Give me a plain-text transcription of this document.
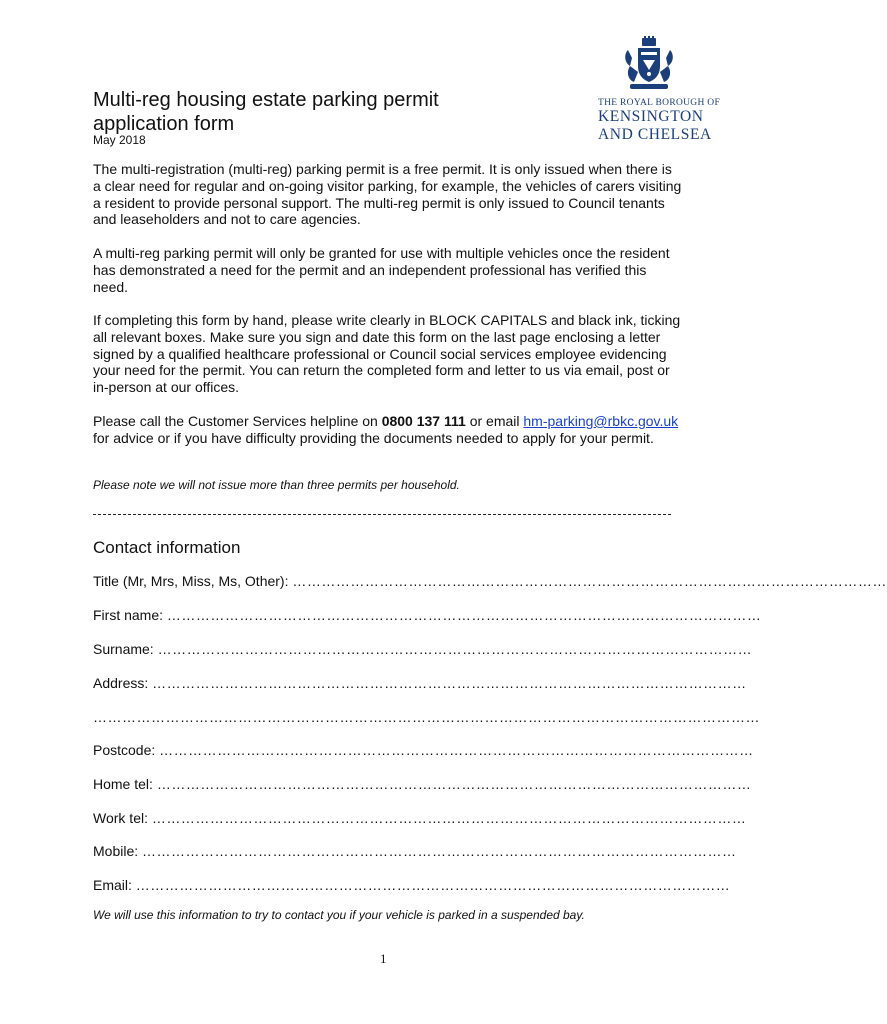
THE ROYAL BOROUGH OF
KENSINGTON
AND CHELSEA
Multi-reg housing estate parking permit application form
May 2018

The multi-registration (multi-reg) parking permit is a free permit. It is only issued when there is a clear need for regular and on-going visitor parking, for example, the vehicles of carers visiting a resident to provide personal support. The multi-reg permit is only issued to Council tenants and leaseholders and not to care agencies.

A multi-reg parking permit will only be granted for use with multiple vehicles once the resident has demonstrated a need for the permit and an independent professional has verified this need.

If completing this form by hand, please write clearly in BLOCK CAPITALS and black ink, ticking all relevant boxes. Make sure you sign and date this form on the last page enclosing a letter signed by a qualified healthcare professional or Council social services employee evidencing your need for the permit. You can return the completed form and letter to us via email, post or in-person at our offices.

Please call the Customer Services helpline on 0800 137 111 or email hm-parking@rbkc.gov.uk for advice or if you have difficulty providing the documents needed to apply for your permit.

Please note we will not issue more than three permits per household.
Contact information
Title (Mr, Mrs, Miss, Ms, Other): ……………………………………………………………………………………………………………
First name: ……………………………………………………………………………………………………………
Surname: ……………………………………………………………………………………………………………
Address: ……………………………………………………………………………………………………………
…………………………………………………………………………………………………………………………
Postcode: ……………………………………………………………………………………………………………
Home tel: ……………………………………………………………………………………………………………
Work tel: ……………………………………………………………………………………………………………
Mobile: ……………………………………………………………………………………………………………
Email: ……………………………………………………………………………………………………………
We will use this information to try to contact you if your vehicle is parked in a suspended bay.
1
